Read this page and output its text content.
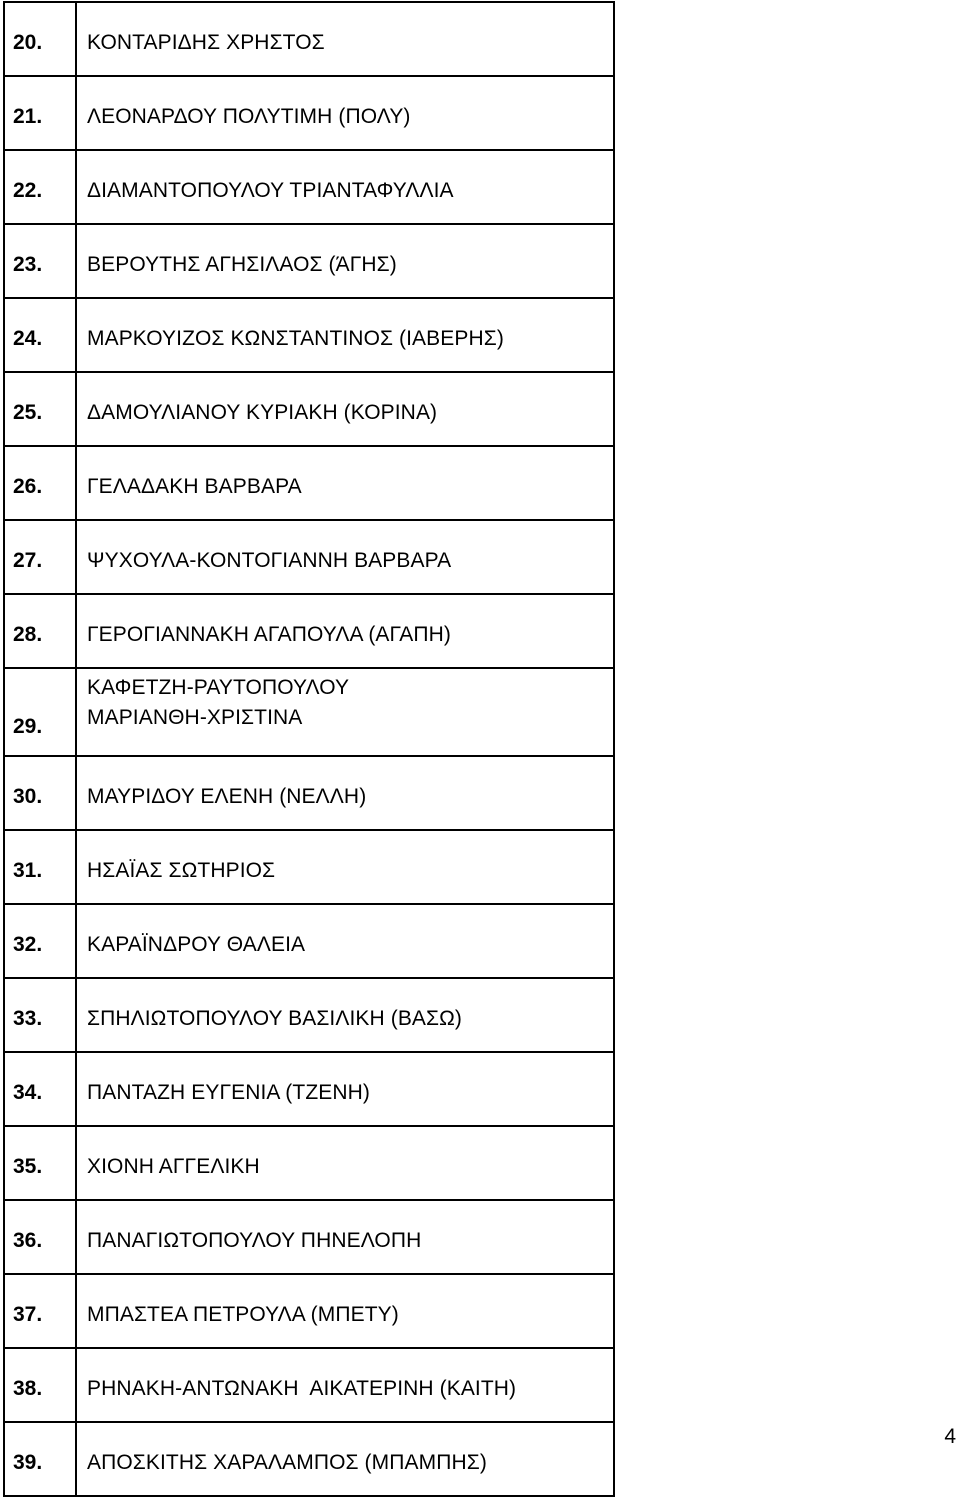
20.	ΚΟΝΤΑΡΙΔΗΣ ΧΡΗΣΤΟΣ
21.	ΛΕΟΝΑΡΔΟΥ ΠΟΛΥΤΙΜΗ (ΠΟΛΥ)
22.	ΔΙΑΜΑΝΤΟΠΟΥΛΟΥ ΤΡΙΑΝΤΑΦΥΛΛΙΑ
23.	ΒΕΡΟΥΤΗΣ ΑΓΗΣΙΛΑΟΣ (ΆΓΗΣ)
24.	ΜΑΡΚΟΥΙΖΟΣ ΚΩΝΣΤΑΝΤΙΝΟΣ (ΙΑΒΕΡΗΣ)
25.	ΔΑΜΟΥΛΙΑΝΟΥ ΚΥΡΙΑΚΗ (ΚΟΡΙΝΑ)
26.	ΓΕΛΑΔΑΚΗ ΒΑΡΒΑΡΑ
27.	ΨΥΧΟΥΛΑ-ΚΟΝΤΟΓΙΑΝΝΗ ΒΑΡΒΑΡΑ
28.	ΓΕΡΟΓΙΑΝΝΑΚΗ ΑΓΑΠΟΥΛΑ (ΑΓΑΠΗ)
29.	ΚΑΦΕΤΖΗ-ΡΑΥΤΟΠΟΥΛΟΥ
ΜΑΡΙΑΝΘΗ-ΧΡΙΣΤΙΝΑ

30.	ΜΑΥΡΙΔΟΥ ΕΛΕΝΗ (ΝΕΛΛΗ)
31.	ΗΣΑΪΑΣ ΣΩΤΗΡΙΟΣ
32.	ΚΑΡΑΪΝΔΡΟΥ ΘΑΛΕΙΑ
33.	ΣΠΗΛΙΩΤΟΠΟΥΛΟΥ ΒΑΣΙΛΙΚΗ (ΒΑΣΩ)
34.	ΠΑΝΤΑΖΗ ΕΥΓΕΝΙΑ (ΤΖΕΝΗ)
35.	ΧΙΟΝΗ ΑΓΓΕΛΙΚΗ
36.	ΠΑΝΑΓΙΩΤΟΠΟΥΛΟΥ ΠΗΝΕΛΟΠΗ
37.	ΜΠΑΣΤΕΑ ΠΕΤΡΟΥΛΑ (ΜΠΕΤΥ)
38.	ΡΗΝΑΚΗ-ΑΝΤΩΝΑΚΗ  ΑΙΚΑΤΕΡΙΝΗ (ΚΑΙΤΗ)
39.	ΑΠΟΣΚΙΤΗΣ ΧΑΡΑΛΑΜΠΟΣ (ΜΠΑΜΠΗΣ)
4
